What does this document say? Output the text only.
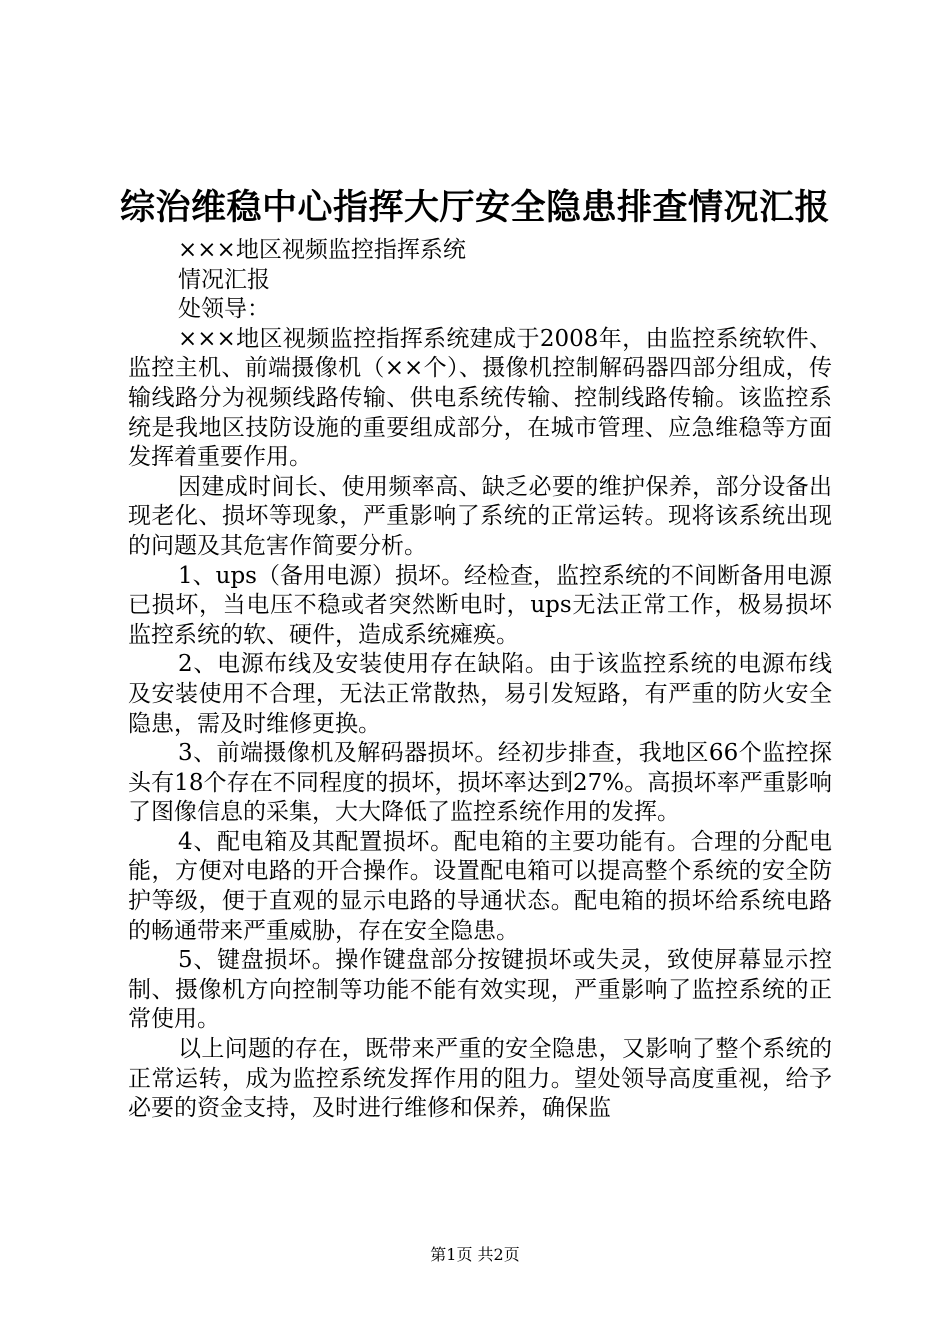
综治维稳中心指挥大厅安全隐患排查情况汇报

×××地区视频监控指挥系统

情况汇报

处领导：

×××地区视频监控指挥系统建成于2008年，由监控系统软件、监控主机、前端摄像机（××个）、摄像机控制解码器四部分组成，传输线路分为视频线路传输、供电系统传输、控制线路传输。该监控系统是我地区技防设施的重要组成部分，在城市管理、应急维稳等方面发挥着重要作用。

因建成时间长、使用频率高、缺乏必要的维护保养，部分设备出现老化、损坏等现象，严重影响了系统的正常运转。现将该系统出现的问题及其危害作简要分析。

1、ups（备用电源）损坏。经检查，监控系统的不间断备用电源已损坏，当电压不稳或者突然断电时，ups无法正常工作，极易损坏监控系统的软、硬件，造成系统瘫痪。

2、电源布线及安装使用存在缺陷。由于该监控系统的电源布线及安装使用不合理，无法正常散热，易引发短路，有严重的防火安全隐患，需及时维修更换。

3、前端摄像机及解码器损坏。经初步排查，我地区66个监控探头有18个存在不同程度的损坏，损坏率达到27%。高损坏率严重影响了图像信息的采集，大大降低了监控系统作用的发挥。

4、配电箱及其配置损坏。配电箱的主要功能有。合理的分配电能，方便对电路的开合操作。设置配电箱可以提高整个系统的安全防护等级，便于直观的显示电路的导通状态。配电箱的损坏给系统电路的畅通带来严重威胁，存在安全隐患。

5、键盘损坏。操作键盘部分按键损坏或失灵，致使屏幕显示控制、摄像机方向控制等功能不能有效实现，严重影响了监控系统的正常使用。

以上问题的存在，既带来严重的安全隐患，又影响了整个系统的正常运转，成为监控系统发挥作用的阻力。望处领导高度重视，给予必要的资金支持，及时进行维修和保养，确保监

第1页 共2页
